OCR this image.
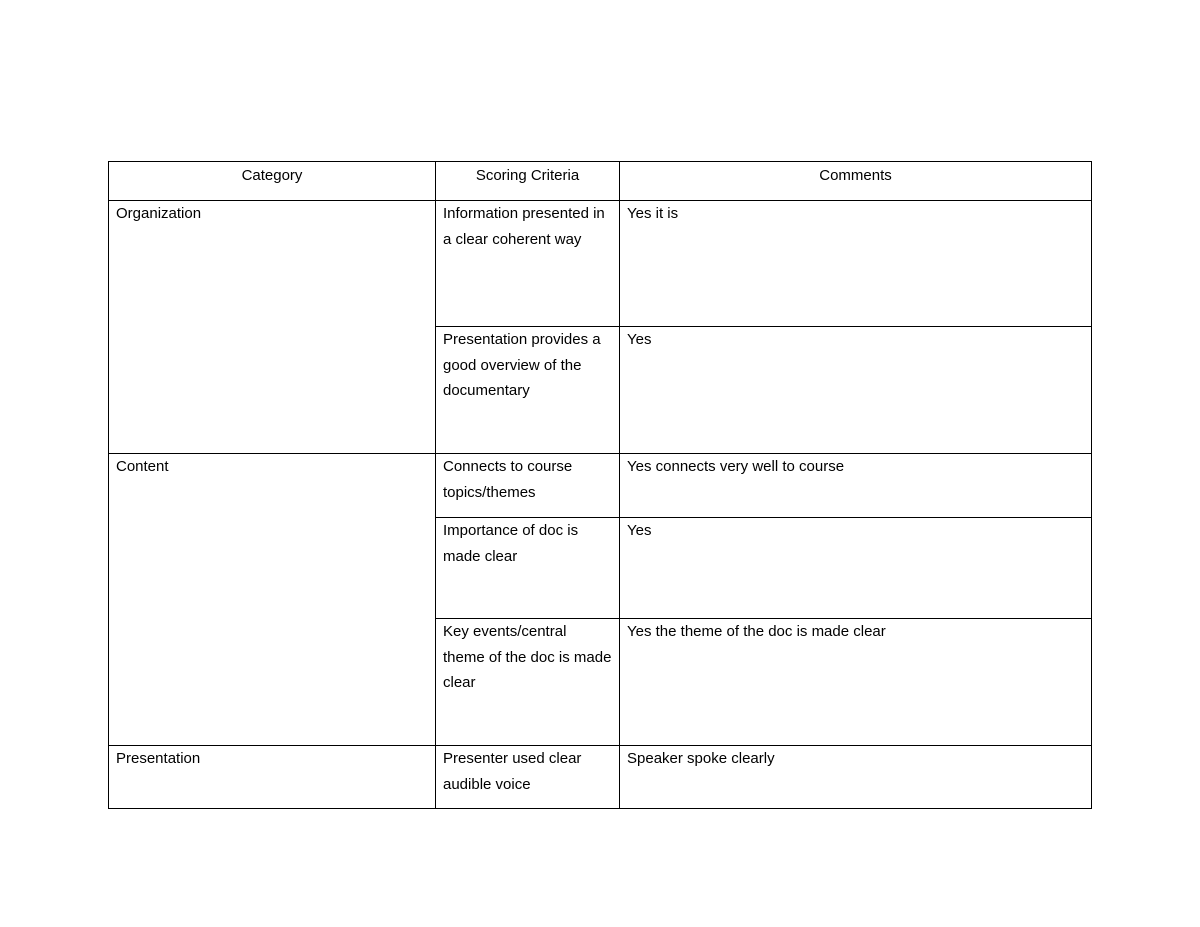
Category	Scoring Criteria	Comments
Organization	Information presented in a clear coherent way	Yes it is
	Presentation provides a good overview of the documentary	Yes
Content	Connects to course topics/themes	Yes connects very well to course
	Importance of doc is made clear	Yes
	Key events/central theme of the doc is made clear	Yes the theme of the doc is made clear
Presentation	Presenter used clear audible voice	Speaker spoke clearly
